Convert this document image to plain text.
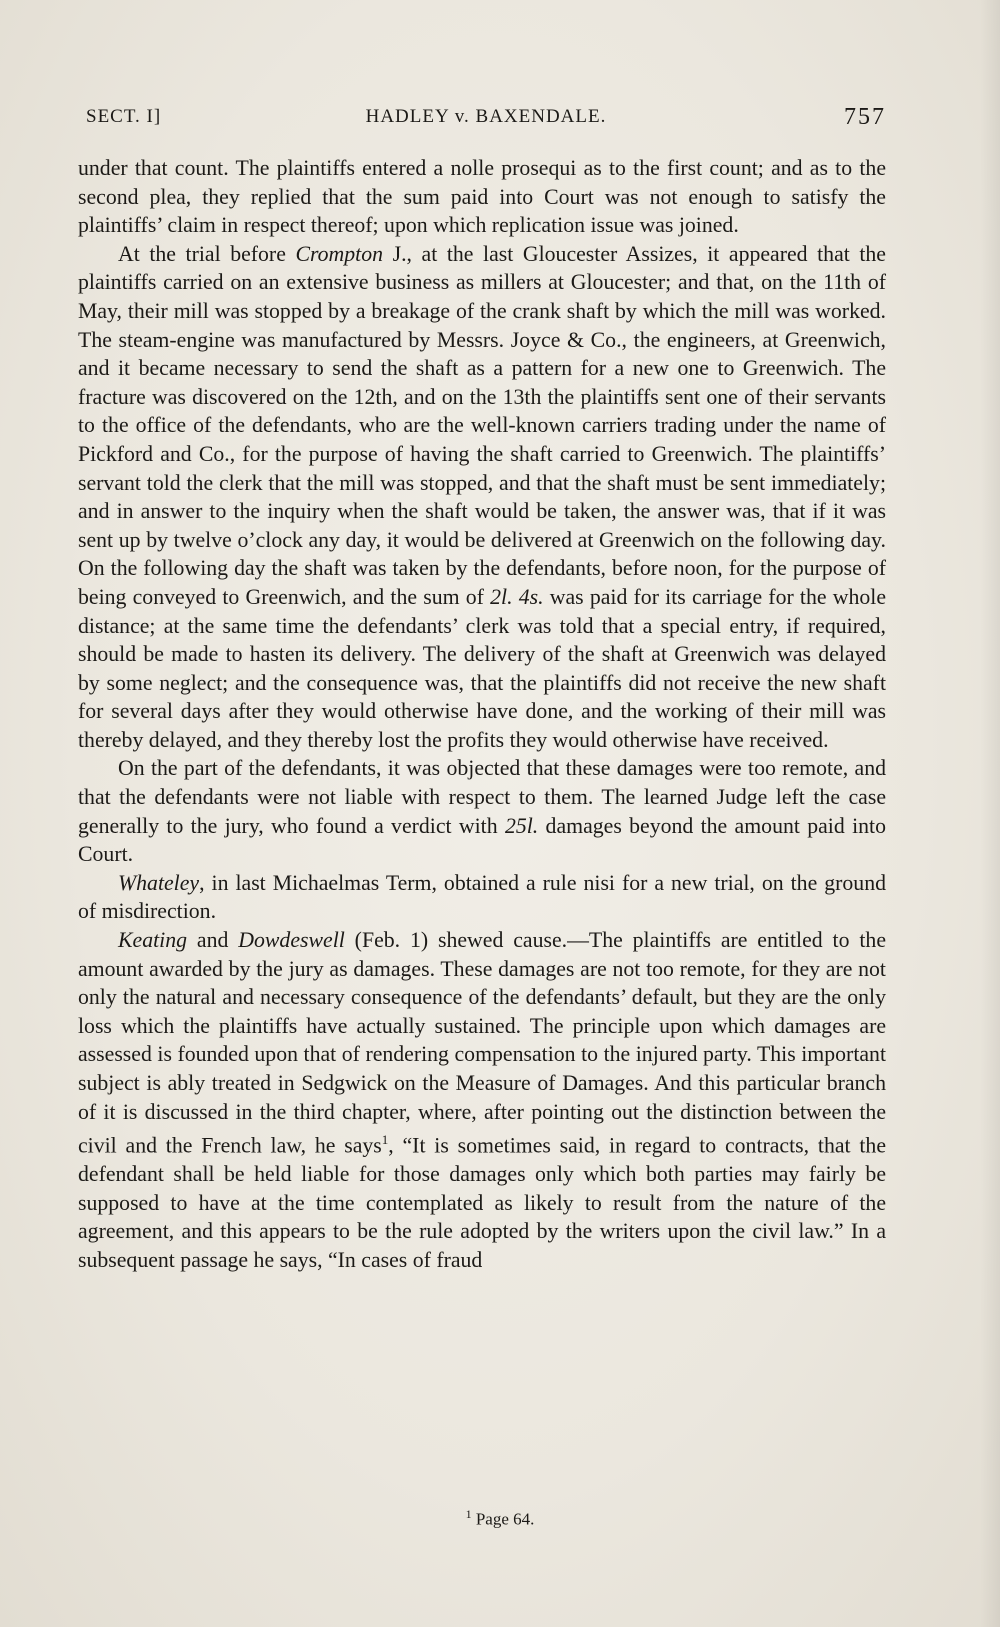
SECT. I]	HADLEY v. BAXENDALE.	757

under that count. The plaintiffs entered a nolle prosequi as to the first count; and as to the second plea, they replied that the sum paid into Court was not enough to satisfy the plaintiffs’ claim in respect thereof; upon which replication issue was joined.

At the trial before Crompton J., at the last Gloucester Assizes, it appeared that the plaintiffs carried on an extensive business as millers at Gloucester; and that, on the 11th of May, their mill was stopped by a breakage of the crank shaft by which the mill was worked. The steam-engine was manufactured by Messrs. Joyce & Co., the engineers, at Greenwich, and it became necessary to send the shaft as a pattern for a new one to Greenwich. The fracture was discovered on the 12th, and on the 13th the plaintiffs sent one of their servants to the office of the defendants, who are the well-known carriers trading under the name of Pickford and Co., for the purpose of having the shaft carried to Greenwich. The plaintiffs’ servant told the clerk that the mill was stopped, and that the shaft must be sent immediately; and in answer to the inquiry when the shaft would be taken, the answer was, that if it was sent up by twelve o’clock any day, it would be delivered at Greenwich on the following day. On the following day the shaft was taken by the defendants, before noon, for the purpose of being conveyed to Greenwich, and the sum of 2l. 4s. was paid for its carriage for the whole distance; at the same time the defendants’ clerk was told that a special entry, if required, should be made to hasten its delivery. The delivery of the shaft at Greenwich was delayed by some neglect; and the consequence was, that the plaintiffs did not receive the new shaft for several days after they would otherwise have done, and the working of their mill was thereby delayed, and they thereby lost the profits they would otherwise have received.

On the part of the defendants, it was objected that these damages were too remote, and that the defendants were not liable with respect to them. The learned Judge left the case generally to the jury, who found a verdict with 25l. damages beyond the amount paid into Court.

Whateley, in last Michaelmas Term, obtained a rule nisi for a new trial, on the ground of misdirection.

Keating and Dowdeswell (Feb. 1) shewed cause.—The plaintiffs are entitled to the amount awarded by the jury as damages. These damages are not too remote, for they are not only the natural and necessary consequence of the defendants’ default, but they are the only loss which the plaintiffs have actually sustained. The principle upon which damages are assessed is founded upon that of rendering compensation to the injured party. This important subject is ably treated in Sedgwick on the Measure of Damages. And this particular branch of it is discussed in the third chapter, where, after pointing out the distinction between the civil and the French law, he says$^1$, “It is sometimes said, in regard to contracts, that the defendant shall be held liable for those damages only which both parties may fairly be supposed to have at the time contemplated as likely to result from the nature of the agreement, and this appears to be the rule adopted by the writers upon the civil law.” In a subsequent passage he says, “In cases of fraud

$^1$ Page 64.
